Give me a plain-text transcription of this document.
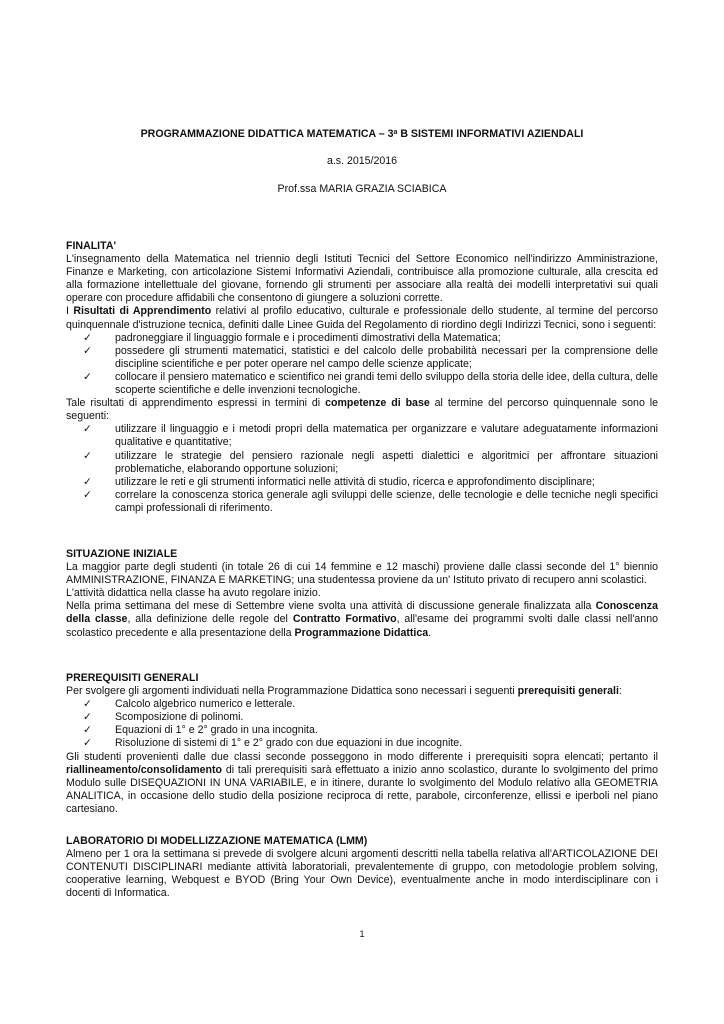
PROGRAMMAZIONE DIDATTICA MATEMATICA – 3$^a$ B SISTEMI INFORMATIVI AZIENDALI
a.s. 2015/2016
Prof.ssa MARIA GRAZIA SCIABICA
FINALITA'

L'insegnamento della Matematica nel triennio degli Istituti Tecnici del Settore Economico nell'indirizzo Amministrazione, Finanze e Marketing, con articolazione Sistemi Informativi Aziendali, contribuisce alla promozione culturale, alla crescita ed alla formazione intellettuale del giovane, fornendo gli strumenti per associare alla realtà dei modelli interpretativi sui quali operare con procedure affidabili che consentono di giungere a soluzioni corrette.

I Risultati di Apprendimento relativi al profilo educativo, culturale e professionale dello studente, al termine del percorso quinquennale d'istruzione tecnica, definiti dalle Linee Guida del Regolamento di riordino degli Indirizzi Tecnici, sono i seguenti:

✓	padroneggiare il linguaggio formale e i procedimenti dimostrativi della Matematica;
✓	possedere gli strumenti matematici, statistici e del calcolo delle probabilità necessari per la comprensione delle discipline scientifiche e per poter operare nel campo delle scienze applicate;
✓	collocare il pensiero matematico e scientifico nei grandi temi dello sviluppo della storia delle idee, della cultura, delle scoperte scientifiche e delle invenzioni tecnologiche.

Tale risultati di apprendimento espressi in termini di competenze di base al termine del percorso quinquennale sono le seguenti:

✓	utilizzare il linguaggio e i metodi propri della matematica per organizzare e valutare adeguatamente informazioni qualitative e quantitative;
✓	utilizzare le strategie del pensiero razionale negli aspetti dialettici e algoritmici per affrontare situazioni problematiche, elaborando opportune soluzioni;
✓	utilizzare le reti e gli strumenti informatici nelle attività di studio, ricerca e approfondimento disciplinare;
✓	correlare la conoscenza storica generale agli sviluppi delle scienze, delle tecnologie e delle tecniche negli specifici campi professionali di riferimento.
SITUAZIONE INIZIALE

La maggior parte degli studenti (in totale 26 di cui 14 femmine e 12 maschi) proviene dalle classi seconde del 1° biennio AMMINISTRAZIONE, FINANZA E MARKETING; una studentessa proviene da un' Istituto privato di recupero anni scolastici.

L'attività didattica nella classe ha avuto regolare inizio.

Nella prima settimana del mese di Settembre viene svolta una attività di discussione generale finalizzata alla Conoscenza della classe, alla definizione delle regole del Contratto Formativo, all'esame dei programmi svolti dalle classi nell'anno scolastico precedente e alla presentazione della Programmazione Didattica.

PREREQUISITI GENERALI

Per svolgere gli argomenti individuati nella Programmazione Didattica sono necessari i seguenti prerequisiti generali:

✓	Calcolo algebrico numerico e letterale.
✓	Scomposizione di polinomi.
✓	Equazioni di 1° e 2° grado in una incognita.
✓	Risoluzione di sistemi di 1° e 2° grado con due equazioni in due incognite.

Gli studenti provenienti dalle due classi seconde posseggono in modo differente i prerequisiti sopra elencati; pertanto il riallineamento/consolidamento di tali prerequisiti sarà effettuato a inizio anno scolastico, durante lo svolgimento del primo Modulo sulle DISEQUAZIONI IN UNA VARIABILE, e in itinere, durante lo svolgimento del Modulo relativo alla GEOMETRIA ANALITICA, in occasione dello studio della posizione reciproca di rette, parabole, circonferenze, ellissi e iperboli nel piano cartesiano.

LABORATORIO DI MODELLIZZAZIONE MATEMATICA (LMM)

Almeno per 1 ora la settimana si prevede di svolgere alcuni argomenti descritti nella tabella relativa all'ARTICOLAZIONE DEI CONTENUTI DISCIPLINARI mediante attività laboratoriali, prevalentemente di gruppo, con metodologie problem solving, cooperative learning, Webquest e BYOD (Bring Your Own Device), eventualmente anche in modo interdisciplinare con i docenti di Informatica.

1
